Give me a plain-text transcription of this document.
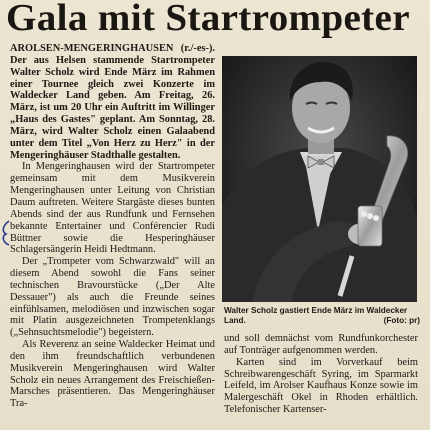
Gala mit Startrompeter

AROLSEN-MENGERINGHAUSEN (r./-es-). Der aus Helsen stammende Startrompeter Walter Scholz wird Ende März im Rahmen einer Tournee gleich zwei Konzerte im Waldecker Land geben. Am Freitag, 26. März, ist um 20 Uhr ein Auftritt im Willinger „Haus des Gastes" geplant. Am Sonntag, 28. März, wird Walter Scholz einen Galaabend unter dem Titel „Von Herz zu Herz" in der Mengeringhäuser Stadthalle gestalten.

In Mengeringhausen wird der Startrompeter gemeinsam mit dem Musikverein Mengeringhausen unter Leitung von Christian Daum auftreten. Weitere Stargäste dieses bunten Abends sind der aus Rundfunk und Fernsehen bekannte Entertainer und Conférencier Rudi Büttner sowie die Hesperinghäuser Schlagersängerin Heidi Hedtmann.

Der „Trompeter vom Schwarzwald" will an diesem Abend sowohl die Fans seiner technischen Bravourstücke („Der Alte Dessauer") als auch die Freunde seines einfühlsamen, melodiösen und inzwischen sogar mit Platin ausgezeichneten Trompetenklangs („Sehnsuchtsmelodie") begeistern.

Als Reverenz an seine Waldecker Heimat und den ihm freundschaftlich verbundenen Musikverein Mengeringhausen wird Walter Scholz ein neues Arrangement des Freischießen-Marsches präsentieren. Das Mengeringhäuser Tra-

Walter Scholz gastiert Ende März im Waldecker Land.	(Foto: pr)

und soll demnächst vom Rundfunkorchester auf Tonträger aufgenommen werden.

Karten sind im Vorverkauf beim Schreibwarengeschäft Syring, im Sparmarkt Leifeld, im Arolser Kaufhaus Konze sowie im Malergeschäft Okel in Rhoden erhältlich. Telefonischer Kartenser-
